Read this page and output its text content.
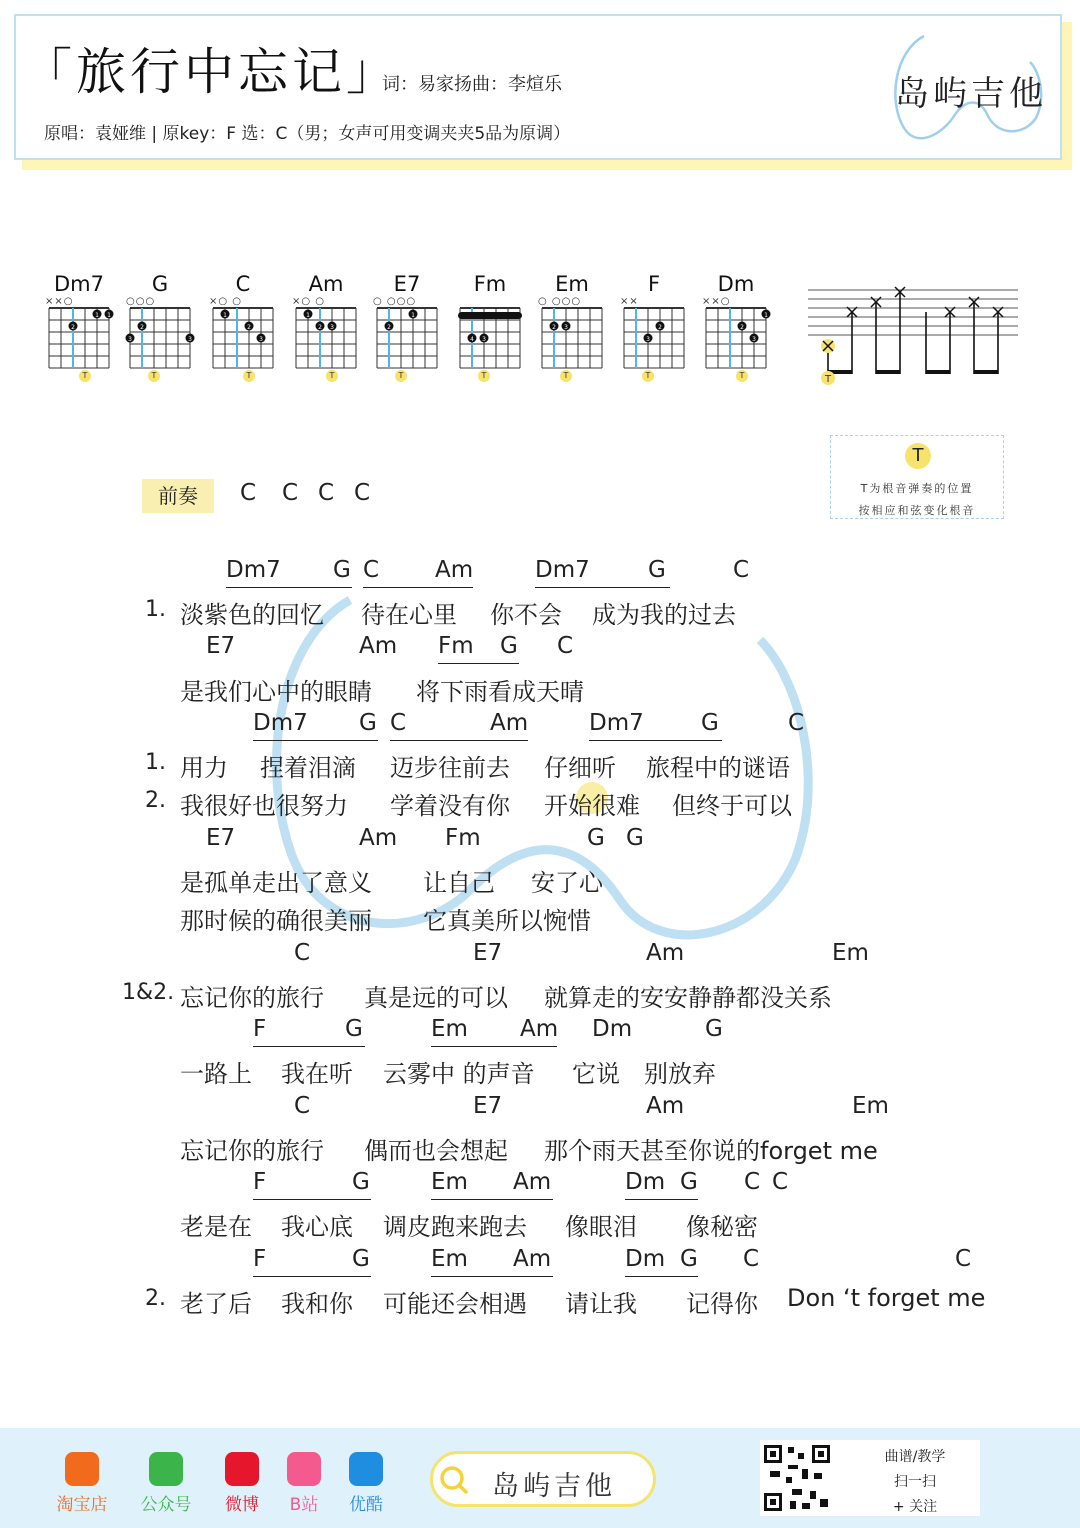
「旅行中忘记」
词：易家扬曲：李煊乐
原唱：袁娅维 | 原key：F 选：C（男；女声可用变调夹夹5品为原调）
岛屿吉他
Dm7
××○
1 1
2
T
G
○○○
3	3
2
T
C
×○ ○
1
2
3
T
Am
×○ ○
1
2 3
T
E7
○ ○○○
2
1
T
Fm
3
4
T
Em
○ ○○○
2 3
T
F
××
2
3
T
Dm
××○
2
3
1
T	T
T
T为根音弹奏的位置
按相应和弦变化根音
前奏	C C C C
Dm7 G C Am	Dm7	G	C
1. 淡紫色的回忆 待在心里 你不会 成为我的过去
E7	Am Fm G C
是我们心中的眼睛 将下雨看成天晴
Dm7 G C	Am	Dm7 G	C
1. 用力 捏着泪滴 迈步往前去 仔细听 旅程中的谜语
2. 我很好也很努力 学着没有你 开始很难 但终于可以
E7	Am Fm	G G
是孤单走出了意义 让自己 安了心
那时候的确很美丽 它真美所以惋惜
C	E7	Am	Em
1&2. 忘记你的旅行 真是远的可以 就算走的安安静静都没关系
F	G	Em Am Dm	G
一路上 我在听 云雾中 的声音 它说 别放弃
C	E7	Am	Em
忘记你的旅行 偶而也会想起 那个雨天甚至你说的forget me
F	G	Em Am	Dm G C C
老是在 我心底 调皮跑来跑去 像眼泪 像秘密
F	G	Em Am	Dm G C	C
2. 老了后 我和你 可能还会相遇 请让我 记得你 Don ‘t forget me
淘宝店	公众号	微博	B站	优酷
岛屿吉他
曲谱/教学
扫一扫
+ 关注
